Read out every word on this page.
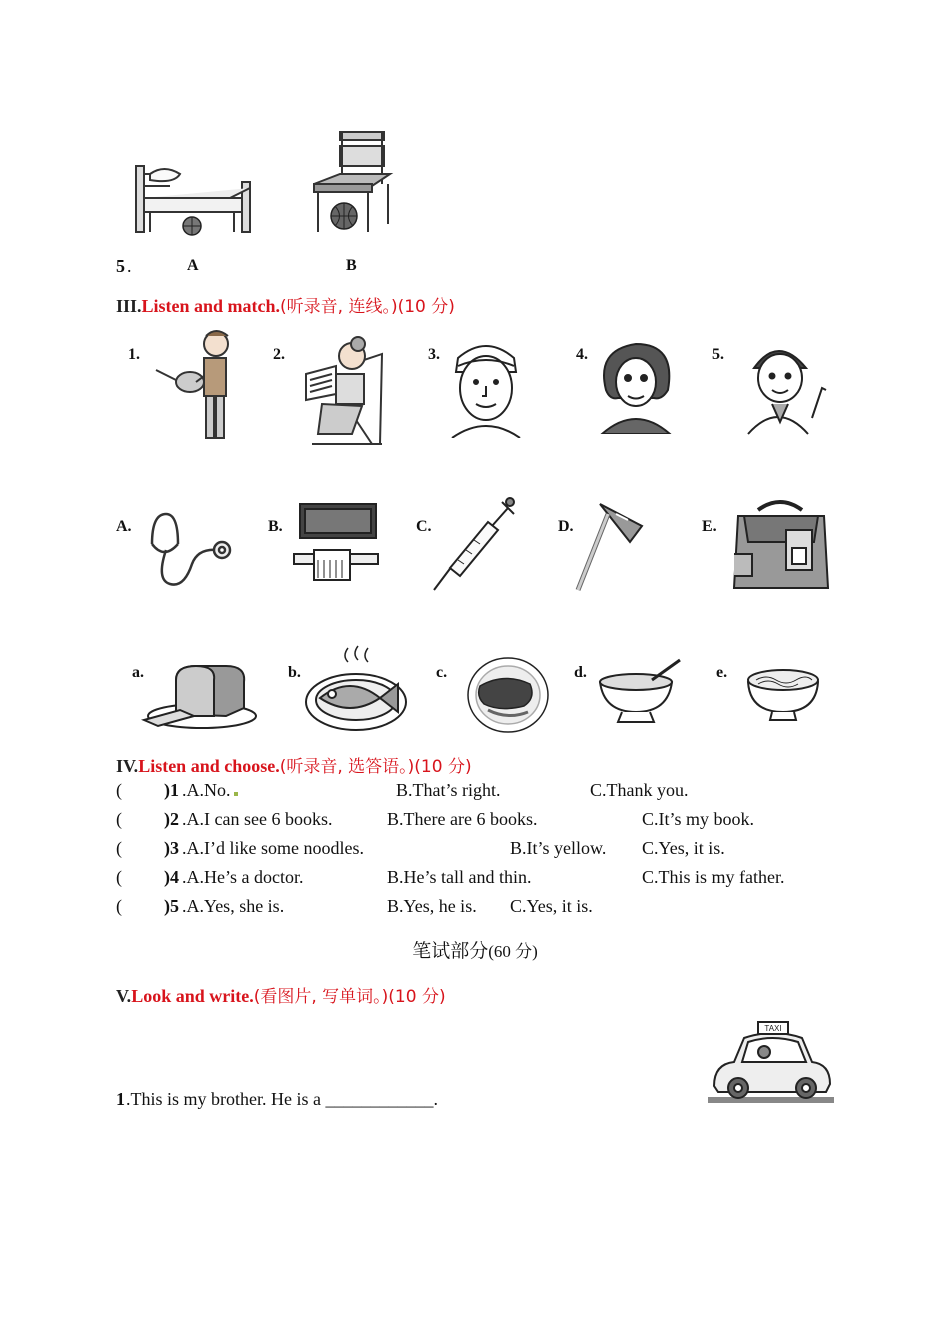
5 .	A	B
III.Listen and match.(听录音, 连线。)(10 分)
1.	2.	3.	4.	5.
A.	B.	C.	D.	E.
a.	b.	c.	d.	e.
IV.Listen and choose.(听录音, 选答语。)(10 分)
( )1 .A.No.	B.That’s right.	C.Thank you.
( )2 .A.I can see 6 books.	B.There are 6 books.	C.It’s my book.
( )3 .A.I’d like some noodles.	B.It’s yellow. C.Yes, it is.
( )4 .A.He’s a doctor.	B.He’s tall and thin.	C.This is my father.
( )5 .A.Yes, she is.	B.Yes, he is. C.Yes, it is.
笔试部分(60 分)
V.Look and write.(看图片, 写单词。)(10 分)
TAXI
1 .This is my brother. He is a ____________.
